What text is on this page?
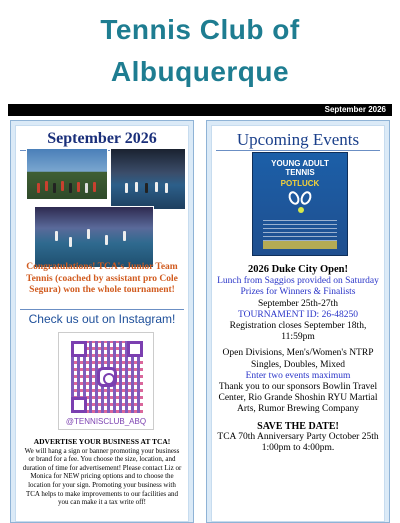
Tennis Club of
Albuquerque
September 2026
September 2026
Congratulations! TCA's Junior Team Tennis (coached by assistant pro Cole Segura) won the whole tournament!
Check us out on Instagram!
@TENNISCLUB_ABQ
ADVERTISE YOUR BUSINESS AT TCA!
We will hang a sign or banner promoting your business or brand for a fee. You choose the size, location, and duration of time for advertisement! Please contact Liz or Monica for NEW pricing options and to choose the location for your sign. Promoting your business with TCA helps to make improvements to our facilities and you can make it a tax write off!
Upcoming Events
YOUNG ADULT
TENNIS
POTLUCK
2026 Duke City Open!
Lunch from Saggios provided on Saturday
Prizes for Winners & Finalists
September 25th-27th
TOURNAMENT ID: 26-48250
Registration closes September 18th, 11:59pm
Open Divisions, Men's/Women's NTRP Singles, Doubles, Mixed
Enter two events maximum
Thank you to our sponsors Bowlin Travel Center, Rio Grande Shoshin RYU Martial Arts, Rumor Brewing Company
SAVE THE DATE!
TCA 70th Anniversary Party October 25th 1:00pm to 4:00pm.
